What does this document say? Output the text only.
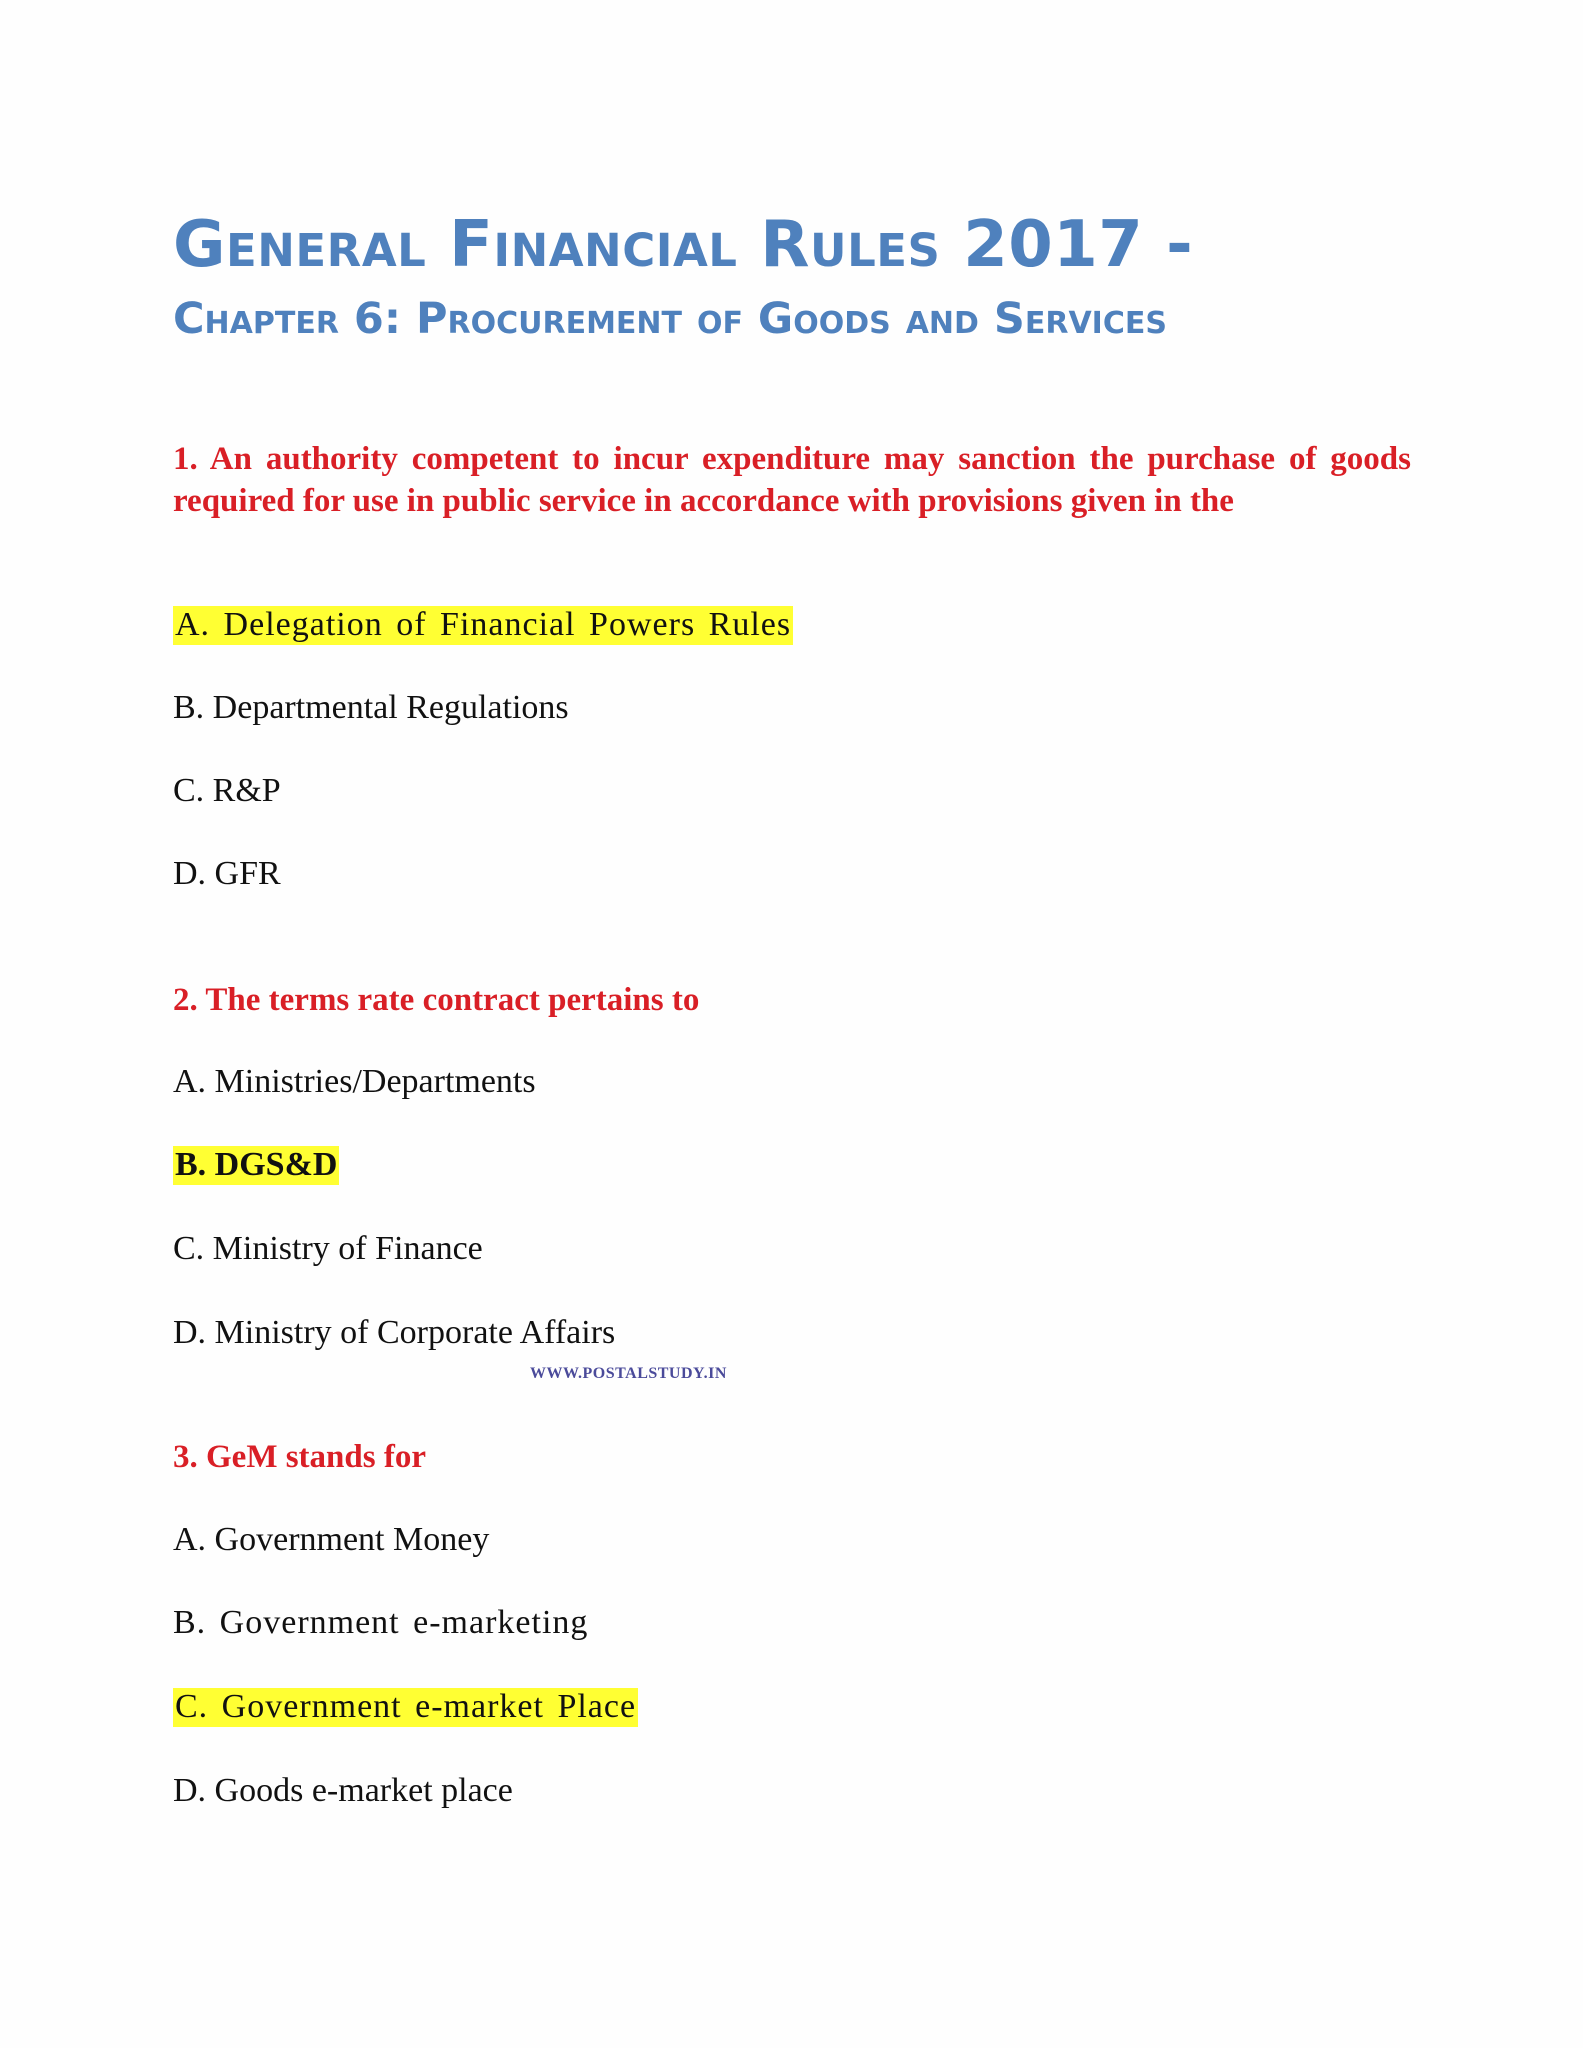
General Financial Rules 2017 -
Chapter 6: Procurement of Goods and Services

1. An authority competent to incur expenditure may sanction the purchase of goods required for use in public service in accordance with provisions given in the

A. Delegation of Financial Powers Rules

B. Departmental Regulations

C. R&P

D. GFR

2. The terms rate contract pertains to

A. Ministries/Departments

B. DGS&D

C. Ministry of Finance

D. Ministry of Corporate Affairs

WWW.POSTALSTUDY.IN

3. GeM stands for

A. Government Money

B. Government e-marketing

C. Government e-market Place

D. Goods e-market place
